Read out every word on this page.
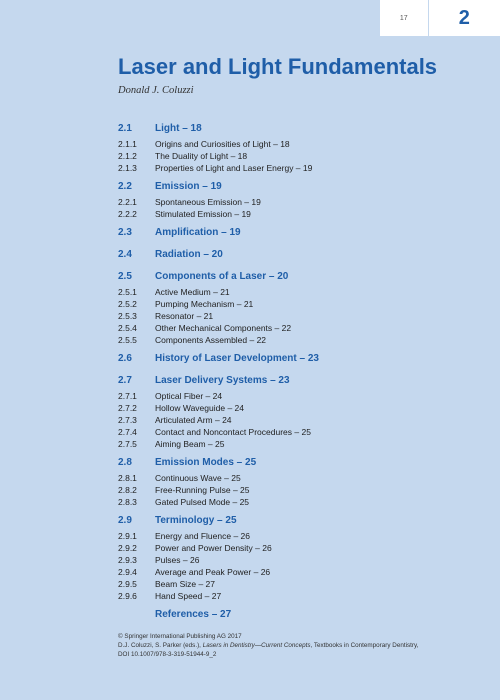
17	2
Laser and Light Fundamentals
Donald J. Coluzzi
2.1	Light – 18
2.1.1	Origins and Curiosities of Light – 18
2.1.2	The Duality of Light – 18
2.1.3	Properties of Light and Laser Energy – 19
2.2	Emission – 19
2.2.1	Spontaneous Emission – 19
2.2.2	Stimulated Emission – 19
2.3	Amplification – 19
2.4	Radiation – 20
2.5	Components of a Laser – 20
2.5.1	Active Medium – 21
2.5.2	Pumping Mechanism – 21
2.5.3	Resonator – 21
2.5.4	Other Mechanical Components – 22
2.5.5	Components Assembled – 22
2.6	History of Laser Development – 23
2.7	Laser Delivery Systems – 23
2.7.1	Optical Fiber – 24
2.7.2	Hollow Waveguide – 24
2.7.3	Articulated Arm – 24
2.7.4	Contact and Noncontact Procedures – 25
2.7.5	Aiming Beam – 25
2.8	Emission Modes – 25
2.8.1	Continuous Wave – 25
2.8.2	Free-Running Pulse – 25
2.8.3	Gated Pulsed Mode – 25
2.9	Terminology – 25
2.9.1	Energy and Fluence – 26
2.9.2	Power and Power Density – 26
2.9.3	Pulses – 26
2.9.4	Average and Peak Power – 26
2.9.5	Beam Size – 27
2.9.6	Hand Speed – 27
References – 27
© Springer International Publishing AG 2017
D.J. Coluzzi, S. Parker (eds.), Lasers in Dentistry—Current Concepts, Textbooks in Contemporary Dentistry,
DOI 10.1007/978-3-319-51944-9_2
